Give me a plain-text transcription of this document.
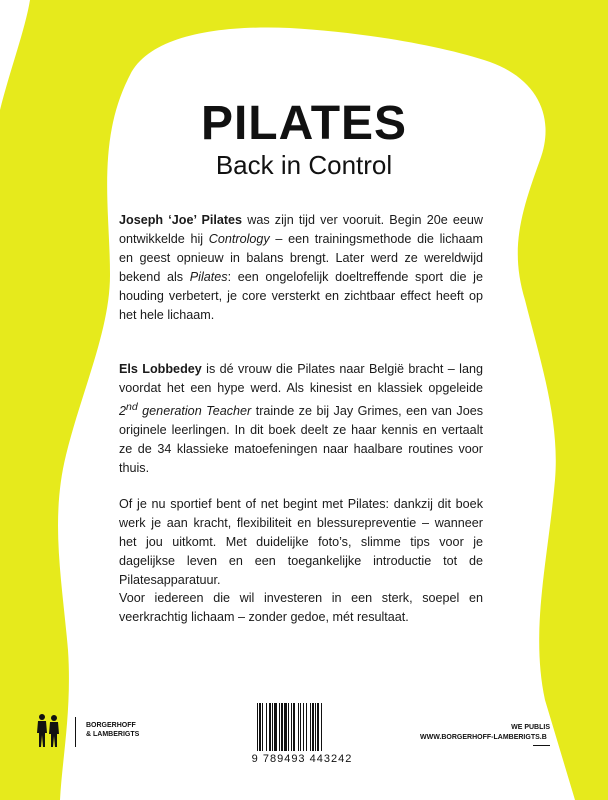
PILATES
Back in Control
Joseph ‘Joe’ Pilates was zijn tijd ver vooruit. Begin 20e eeuw ontwikkelde hij Contrology – een trainingsmethode die lichaam en geest opnieuw in balans brengt. Later werd ze wereldwijd bekend als Pilates: een ongelofelijk doeltreffende sport die je houding verbetert, je core versterkt en zichtbaar effect heeft op het hele lichaam.
Els Lobbedey is dé vrouw die Pilates naar België bracht – lang voordat het een hype werd. Als kinesist en klassiek opgeleide 2nd generation Teacher trainde ze bij Jay Grimes, een van Joes originele leerlingen. In dit boek deelt ze haar kennis en vertaalt ze de 34 klassieke matoefeningen naar haalbare routines voor thuis.
Of je nu sportief bent of net begint met Pilates: dankzij dit boek werk je aan kracht, flexibiliteit en blessurepreventie – wanneer het jou uitkomt. Met duidelijke foto’s, slimme tips voor je dagelijkse leven en een toegankelijke introductie tot de Pilatesapparatuur.
Voor iedereen die wil investeren in een sterk, soepel en veerkrachtig lichaam – zonder gedoe, mét resultaat.
BORGERHOFF
& LAMBERIGTS
9 789493 443242
WE PUBLIS
WWW.BORGERHOFF-LAMBERIGTS.B
